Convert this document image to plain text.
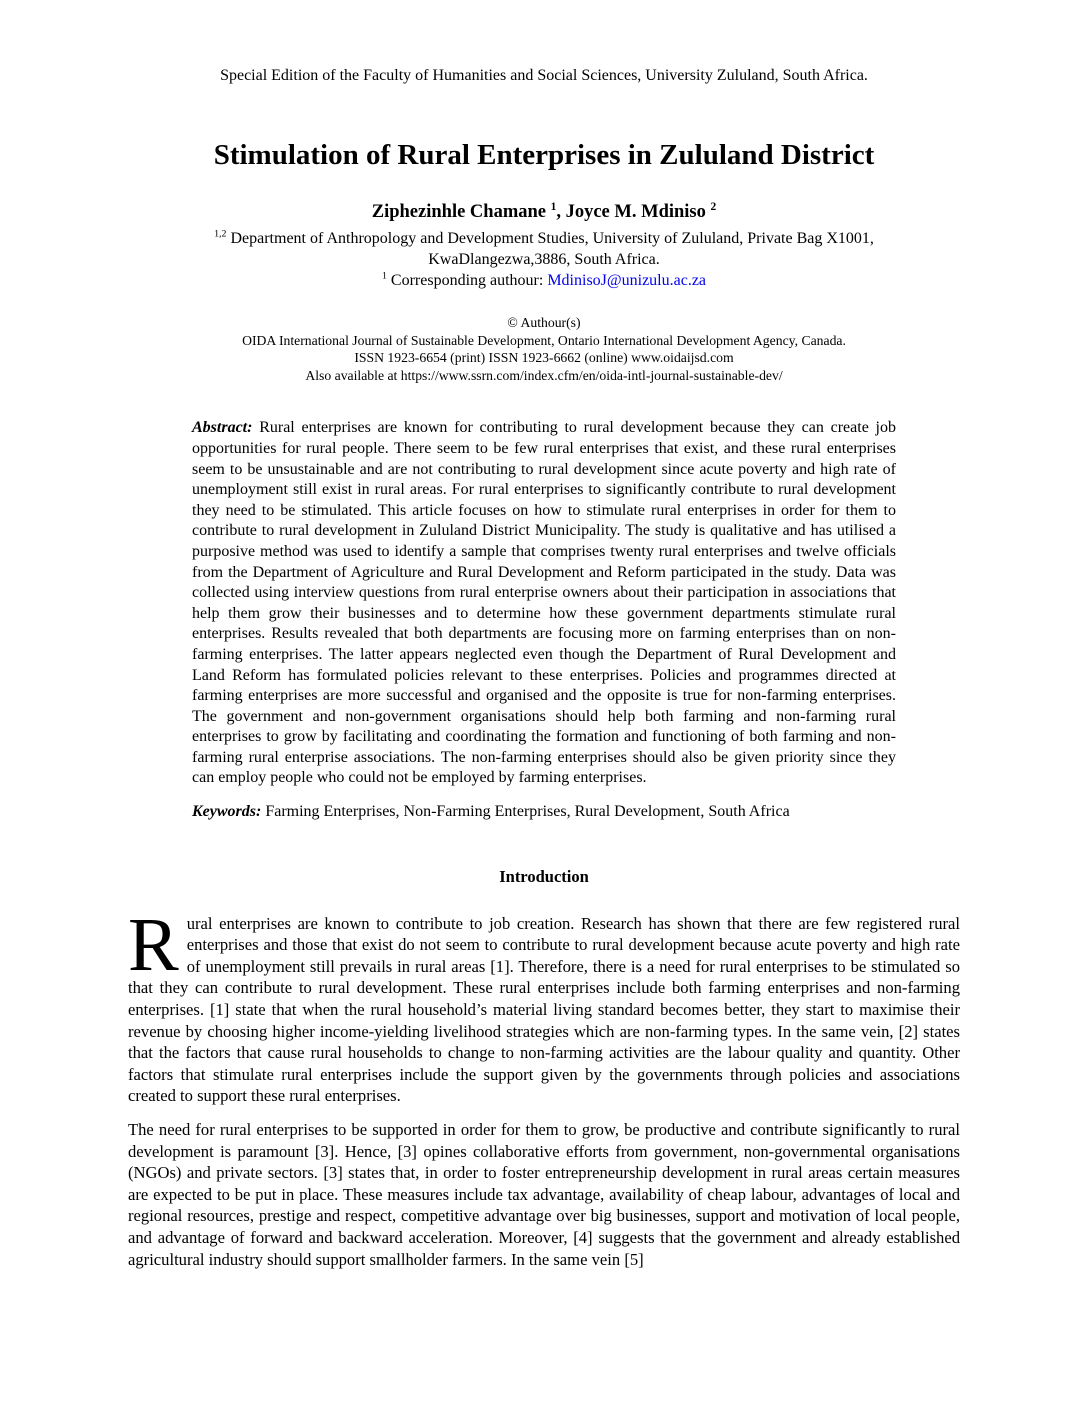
Special Edition of the Faculty of Humanities and Social Sciences, University Zululand, South Africa.
Stimulation of Rural Enterprises in Zululand District
Ziphezinhle Chamane $^1$, Joyce M. Mdiniso $^2$
$^{1,2}$ Department of Anthropology and Development Studies, University of Zululand, Private Bag X1001,
KwaDlangezwa,3886, South Africa.
$^1$ Corresponding authour: MdinisoJ@unizulu.ac.za
© Authour(s)
OIDA International Journal of Sustainable Development, Ontario International Development Agency, Canada.
ISSN 1923-6654 (print) ISSN 1923-6662 (online) www.oidaijsd.com
Also available at https://www.ssrn.com/index.cfm/en/oida-intl-journal-sustainable-dev/

Abstract: Rural enterprises are known for contributing to rural development because they can create job opportunities for rural people. There seem to be few rural enterprises that exist, and these rural enterprises seem to be unsustainable and are not contributing to rural development since acute poverty and high rate of unemployment still exist in rural areas. For rural enterprises to significantly contribute to rural development they need to be stimulated. This article focuses on how to stimulate rural enterprises in order for them to contribute to rural development in Zululand District Municipality. The study is qualitative and has utilised a purposive method was used to identify a sample that comprises twenty rural enterprises and twelve officials from the Department of Agriculture and Rural Development and Reform participated in the study. Data was collected using interview questions from rural enterprise owners about their participation in associations that help them grow their businesses and to determine how these government departments stimulate rural enterprises. Results revealed that both departments are focusing more on farming enterprises than on non-farming enterprises. The latter appears neglected even though the Department of Rural Development and Land Reform has formulated policies relevant to these enterprises. Policies and programmes directed at farming enterprises are more successful and organised and the opposite is true for non-farming enterprises. The government and non-government organisations should help both farming and non-farming rural enterprises to grow by facilitating and coordinating the formation and functioning of both farming and non-farming rural enterprise associations. The non-farming enterprises should also be given priority since they can employ people who could not be employed by farming enterprises.

Keywords: Farming Enterprises, Non-Farming Enterprises, Rural Development, South Africa

Introduction

Rural enterprises are known to contribute to job creation. Research has shown that there are few registered rural enterprises and those that exist do not seem to contribute to rural development because acute poverty and high rate of unemployment still prevails in rural areas [1]. Therefore, there is a need for rural enterprises to be stimulated so that they can contribute to rural development. These rural enterprises include both farming enterprises and non-farming enterprises. [1] state that when the rural household’s material living standard becomes better, they start to maximise their revenue by choosing higher income-yielding livelihood strategies which are non-farming types. In the same vein, [2] states that the factors that cause rural households to change to non-farming activities are the labour quality and quantity. Other factors that stimulate rural enterprises include the support given by the governments through policies and associations created to support these rural enterprises.

The need for rural enterprises to be supported in order for them to grow, be productive and contribute significantly to rural development is paramount [3]. Hence, [3] opines collaborative efforts from government, non-governmental organisations (NGOs) and private sectors. [3] states that, in order to foster entrepreneurship development in rural areas certain measures are expected to be put in place. These measures include tax advantage, availability of cheap labour, advantages of local and regional resources, prestige and respect, competitive advantage over big businesses, support and motivation of local people, and advantage of forward and backward acceleration. Moreover, [4] suggests that the government and already established agricultural industry should support smallholder farmers. In the same vein [5]
